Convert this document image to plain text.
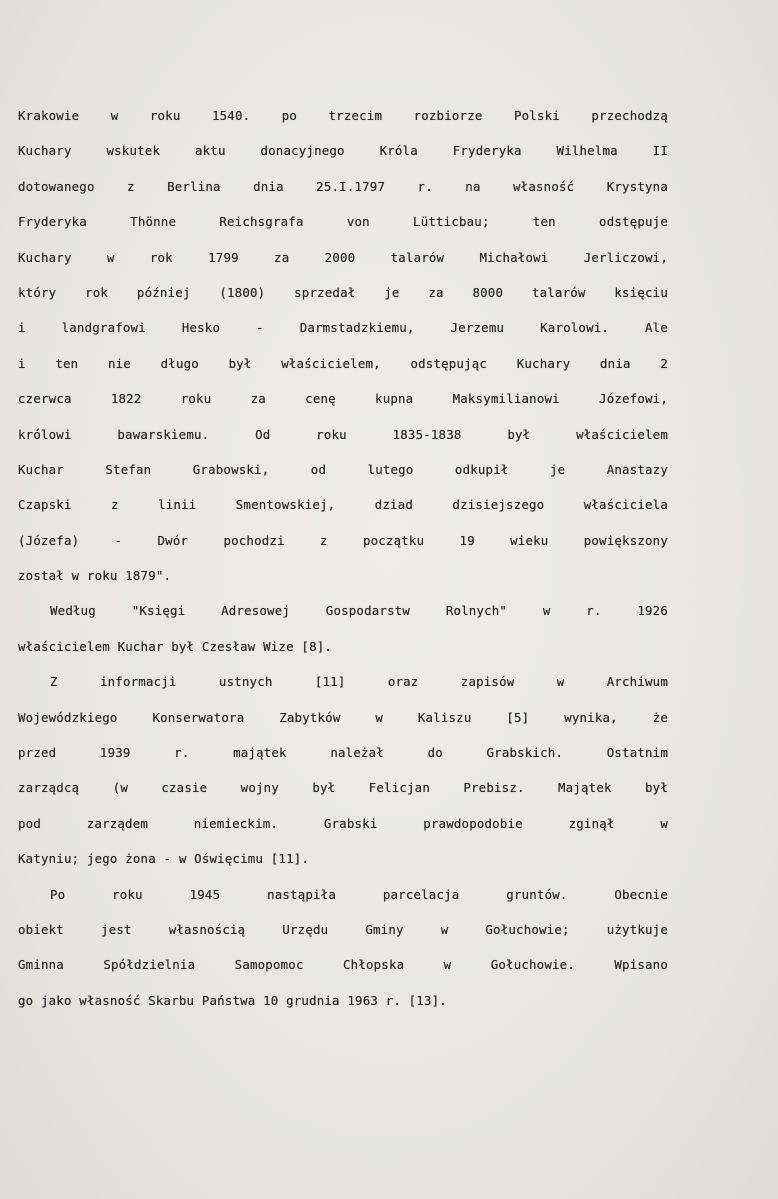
Krakowie w roku 1540. po trzecim rozbiorze Polski przechodzą
Kuchary wskutek aktu donacyjnego Króla Fryderyka Wilhelma II
dotowanego z Berlina dnia 25.I.1797 r. na własność Krystyna
Fryderyka Thönne Reichsgrafa von Lütticbau; ten odstępuje
Kuchary w rok 1799 za 2000 talarów Michałowi Jerliczowi,
który rok później (1800) sprzedał je za 8000 talarów księciu
i landgrafowi Hesko - Darmstadzkiemu, Jerzemu Karolowi. Ale
i ten nie długo był właścicielem, odstępując Kuchary dnia 2
czerwca 1822 roku za cenę kupna Maksymilianowi Józefowi,
królowi bawarskiemu. Od roku 1835-1838 był właścicielem
Kuchar Stefan Grabowski, od lutego odkupił je Anastazy
Czapski z linii Smentowskiej, dziad dzisiejszego właściciela
(Józefa) - Dwór pochodzi z początku 19 wieku powiększony
został w roku 1879".
Według "Księgi Adresowej Gospodarstw Rolnych" w r. 1926
właścicielem Kuchar był Czesław Wize [8].
Z informacji ustnych [11] oraz zapisów w Archiwum
Wojewódzkiego Konserwatora Zabytków w Kaliszu [5] wynika, że
przed 1939 r. majątek należał do Grabskich. Ostatnim
zarządcą (w czasie wojny był Felicjan Prebisz. Majątek był
pod zarządem niemieckim. Grabski prawdopodobie zginął w
Katyniu; jego żona - w Oświęcimu [11].
Po roku 1945 nastąpiła parcelacja gruntów. Obecnie
obiekt jest własnością Urzędu Gminy w Gołuchowie; użytkuje
Gminna Spółdzielnia Samopomoc Chłopska w Gołuchowie. Wpisano
go jako własność Skarbu Państwa 10 grudnia 1963 r. [13].
